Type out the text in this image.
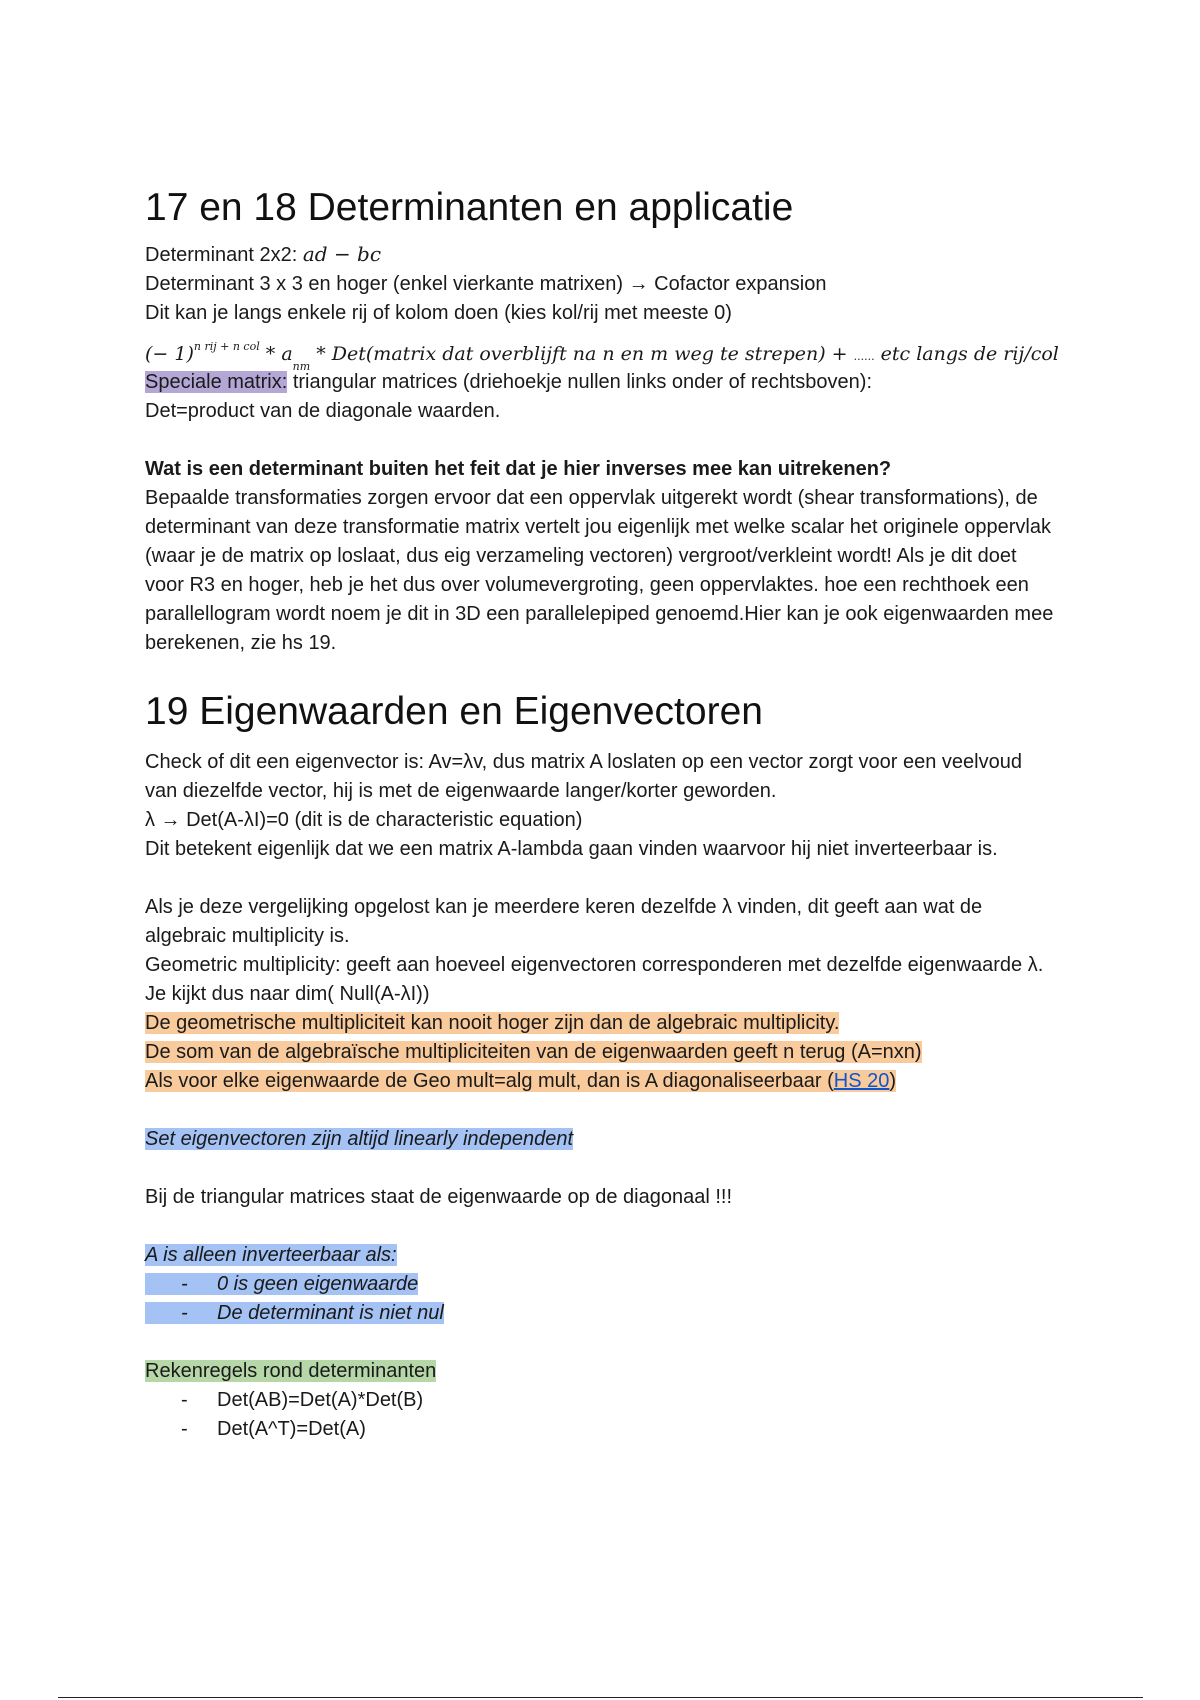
17 en 18 Determinanten en applicatie
Determinant 2x2: ad − bc
Determinant 3 x 3 en hoger (enkel vierkante matrixen) → Cofactor expansion
Dit kan je langs enkele rij of kolom doen (kies kol/rij met meeste 0)
(− $1)^{n rij + n col} * a_{nm}$ * Det(matrix dat overblijft na n en m weg te strepen) + ...... etc langs de rij/col
Speciale matrix: triangular matrices (driehoekje nullen links onder of rechtsboven):
Det=product van de diagonale waarden.
Wat is een determinant buiten het feit dat je hier inverses mee kan uitrekenen?
Bepaalde transformaties zorgen ervoor dat een oppervlak uitgerekt wordt (shear transformations), de determinant van deze transformatie matrix vertelt jou eigenlijk met welke scalar het originele oppervlak (waar je de matrix op loslaat, dus eig verzameling vectoren) vergroot/verkleint wordt! Als je dit doet voor R3 en hoger, heb je het dus over volumevergroting, geen oppervlaktes. hoe een rechthoek een parallellogram wordt noem je dit in 3D een parallelepiped genoemd.Hier kan je ook eigenwaarden mee berekenen, zie hs 19.
19 Eigenwaarden en Eigenvectoren
Check of dit een eigenvector is: Av=λv, dus matrix A loslaten op een vector zorgt voor een veelvoud van diezelfde vector, hij is met de eigenwaarde langer/korter geworden.
λ → Det(A-λI)=0 (dit is de characteristic equation)
Dit betekent eigenlijk dat we een matrix A-lambda gaan vinden waarvoor hij niet inverteerbaar is.
Als je deze vergelijking opgelost kan je meerdere keren dezelfde λ vinden, dit geeft aan wat de algebraic multiplicity is.
Geometric multiplicity: geeft aan hoeveel eigenvectoren corresponderen met dezelfde eigenwaarde λ. Je kijkt dus naar dim( Null(A-λI))
De geometrische multipliciteit kan nooit hoger zijn dan de algebraic multiplicity.
De som van de algebraïsche multipliciteiten van de eigenwaarden geeft n terug (A=nxn)
Als voor elke eigenwaarde de Geo mult=alg mult, dan is A diagonaliseerbaar (HS 20)
Set eigenvectoren zijn altijd linearly independent
Bij de triangular matrices staat de eigenwaarde op de diagonaal !!!
A is alleen inverteerbaar als:
- 0 is geen eigenwaarde
- De determinant is niet nul
Rekenregels rond determinanten
- Det(AB)=Det(A)*Det(B)
- Det(A^T)=Det(A)
